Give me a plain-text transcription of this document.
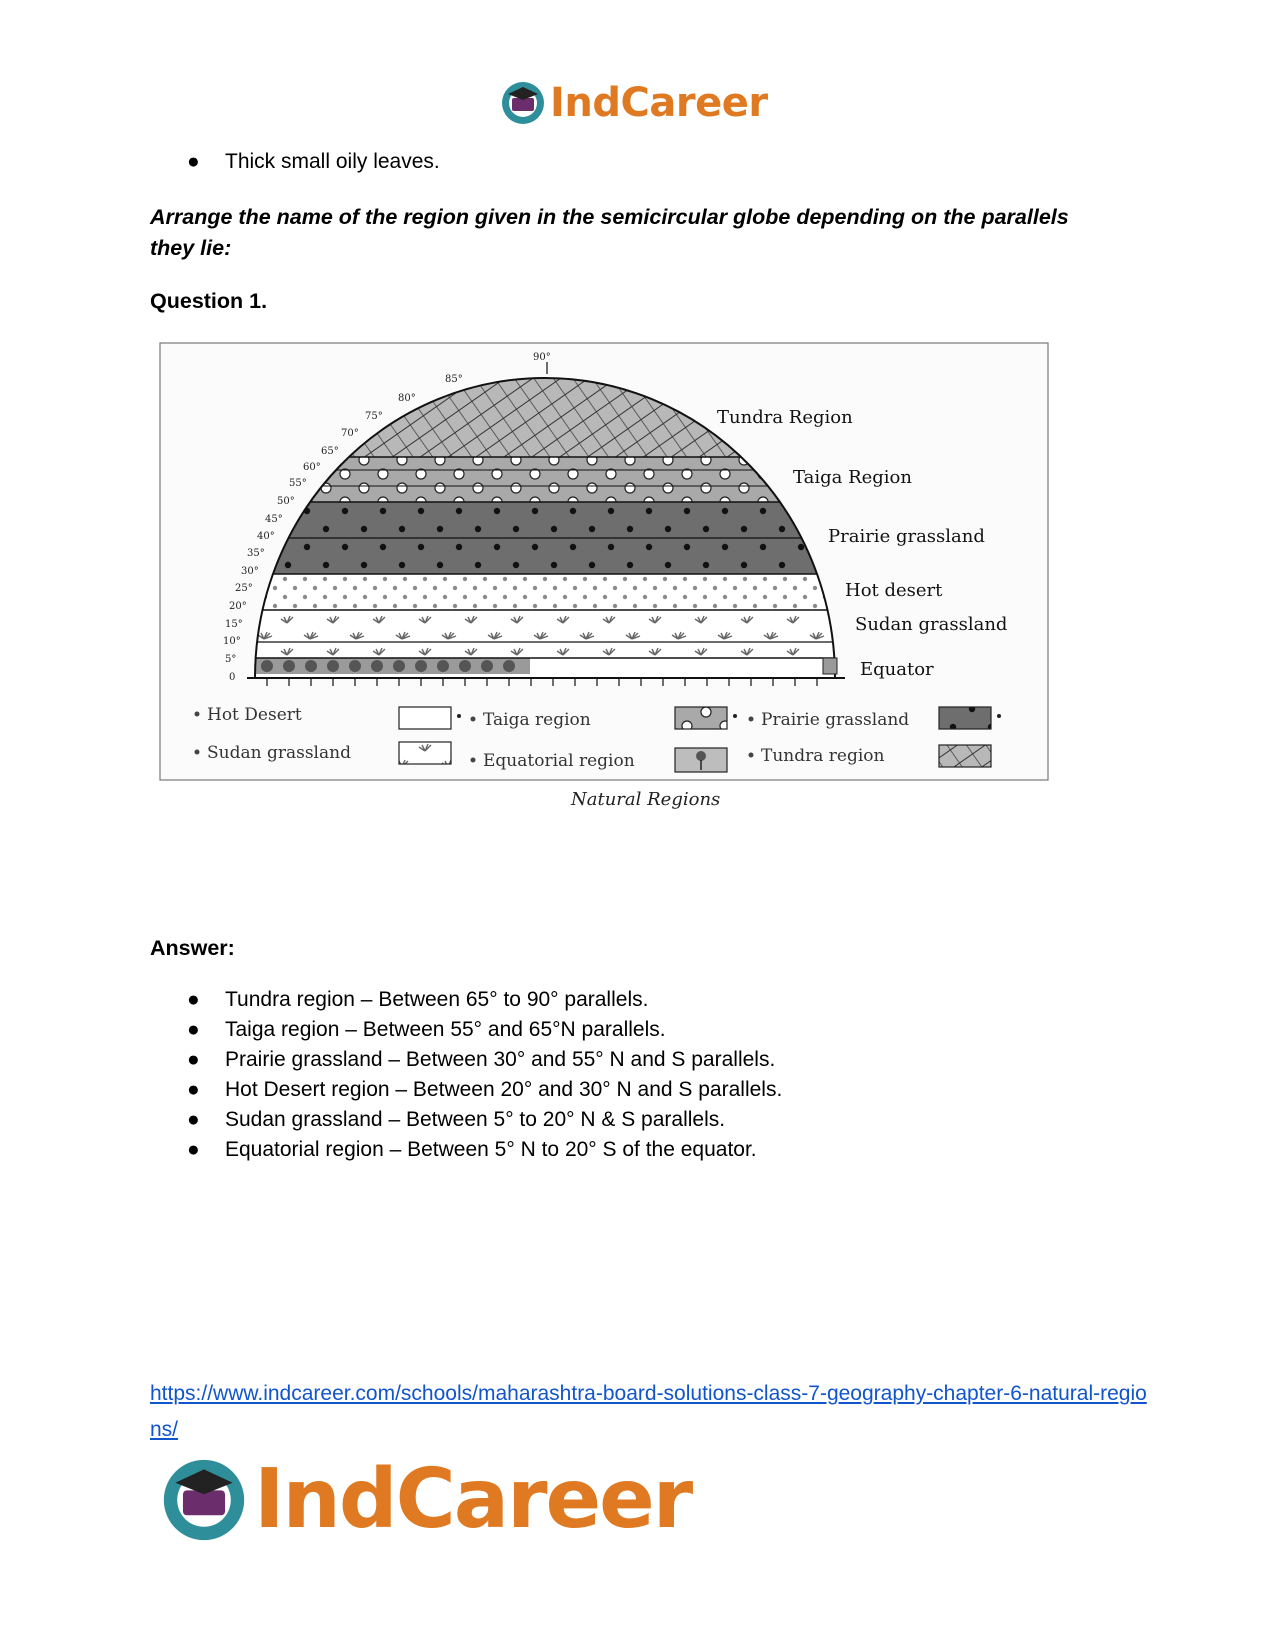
IndCareer
●	Thick small oily leaves.
Arrange the name of the region given in the semicircular globe depending on the parallels they lie:
Question 1.
90°
85°
80°
75°
70°
65°
60°
55°
50°
45°
40°
35°
30°
25°
20°
15°
10°
5°
0
Tundra Region
Taiga Region
Prairie grassland
Hot desert
Sudan grassland
Equator
Hot Desert
Sudan grassland
Taiga region
Equatorial region
Prairie grassland
Tundra region
Natural Regions
Answer:
●	Tundra region – Between 65° to 90° parallels.
●	Taiga region – Between 55° and 65°N parallels.
●	Prairie grassland – Between 30° and 55° N and S parallels.
●	Hot Desert region – Between 20° and 30° N and S parallels.
●	Sudan grassland – Between 5° to 20° N & S parallels.
●	Equatorial region – Between 5° N to 20° S of the equator.
https://www.indcareer.com/schools/maharashtra-board-solutions-class-7-geography-chapter-6-natural-regions/
IndCareer
